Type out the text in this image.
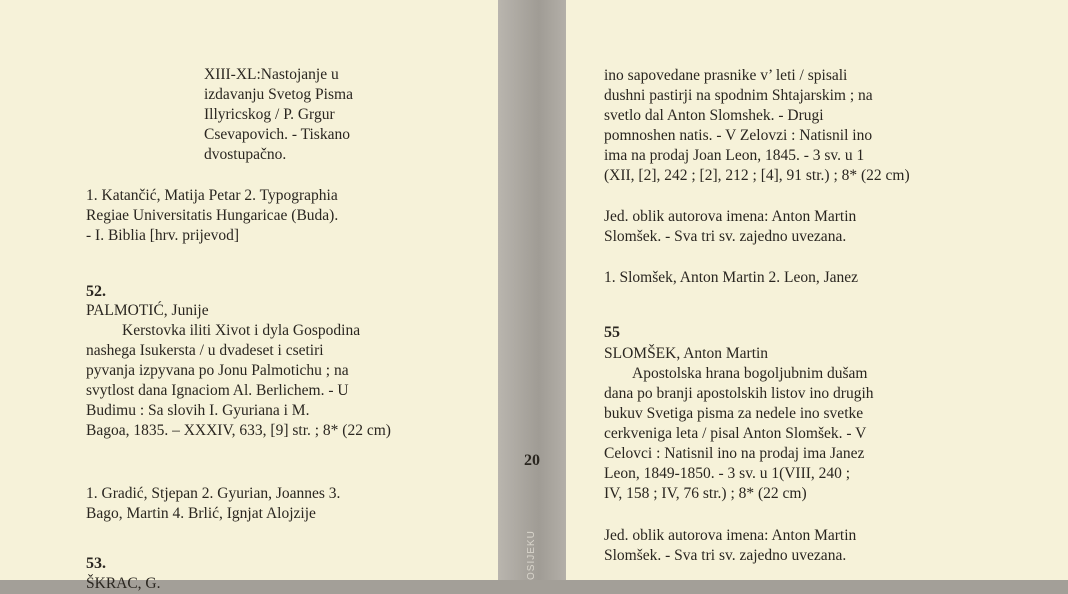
XIII-XL:Nastojanje u
izdavanju Svetog Pisma
Illyricskog / P. Grgur
Csevapovich. - Tiskano
dvostupačno.
1. Katančić, Matija Petar 2. Typographia
Regiae Universitatis Hungaricae (Buda).
- I. Biblia [hrv. prijevod]
52.
PALMOTIĆ, Junije
Kerstovka iliti Xivot i dyla Gospodina
nashega Isukersta / u dvadeset i csetiri
pyvanja izpyvana po Jonu Palmotichu ; na
svytlost dana Ignaciom Al. Berlichem. - U
Budimu : Sa slovih I. Gyuriana i M.
Bagoa, 1835. – XXXIV, 633, [9] str. ; 8* (22 cm)
1. Gradić, Stjepan 2. Gyurian, Joannes 3.
Bago, Martin 4. Brlić, Ignjat Alojzije
53.
ŠKRAC, G.
20
OSIJEKU
ino sapovedane prasnike v’ leti / spisali
dushni pastirji na spodnim Shtajarskim ; na
svetlo dal Anton Slomshek. - Drugi
pomnoshen natis. - V Zelovzi : Natisnil ino
ima na prodaj Joan Leon, 1845. - 3 sv. u 1
(XII, [2], 242 ; [2], 212 ; [4], 91 str.) ; 8* (22 cm)
Jed. oblik autorova imena: Anton Martin
Slomšek. - Sva tri sv. zajedno uvezana.
1. Slomšek, Anton Martin 2. Leon, Janez
55
SLOMŠEK, Anton Martin
Apostolska hrana bogoljubnim dušam
dana po branji apostolskih listov ino drugih
bukuv Svetiga pisma za nedele ino svetke
cerkveniga leta / pisal Anton Slomšek. - V
Celovci : Natisnil ino na prodaj ima Janez
Leon, 1849-1850. - 3 sv. u 1(VIII, 240 ;
IV, 158 ; IV, 76 str.) ; 8* (22 cm)
Jed. oblik autorova imena: Anton Martin
Slomšek. - Sva tri sv. zajedno uvezana.
